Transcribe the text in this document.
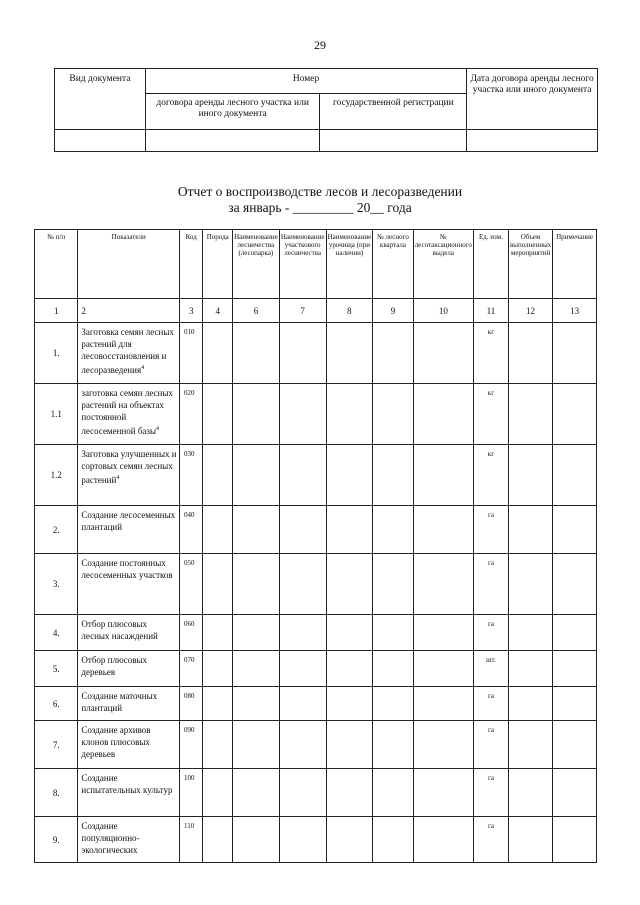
29
Вид документа	Номер		Дата договора аренды лесного участка или иного документа
	договора аренды лесного участка или иного документа	государственной регистрации	

Отчет о воспроизводстве лесов и лесоразведении
за январь - _________ 20__ года
№ п/п	Показатели	Код	Порода	Наименование лесничества (лесопарка)	Наименование участкового лесничества	Наименование урочища (при наличии)	№ лесного квартала	№ лесотаксационного выдела	Ед. изм.	Объем выполненных мероприятий	Примечание
1	2	3	4	6	7	8	9	10	11	12	13
1.	Заготовка семян лесных растений для лесовосстановления и лесоразведения$^4$	010							кг		
1.1	заготовка семян лесных растений на объектах постоянной лесосеменной базы$^4$	020							кг		
1.2	Заготовка улучшенных и сортовых семян лесных растений$^4$	030							кг		
2.	Создание лесосеменных плантаций	040							га		
3.	Создание постоянных лесосеменных участков	050							га		
4.	Отбор плюсовых лесных насаждений	060							га		
5.	Отбор плюсовых деревьев	070							шт.		
6.	Создание маточных плантаций	080							га		
7.	Создание архивов клонов плюсовых деревьев	090							га		
8.	Создание испытательных культур	100							га		
9.	Создание популяционно-экологических	110							га		
